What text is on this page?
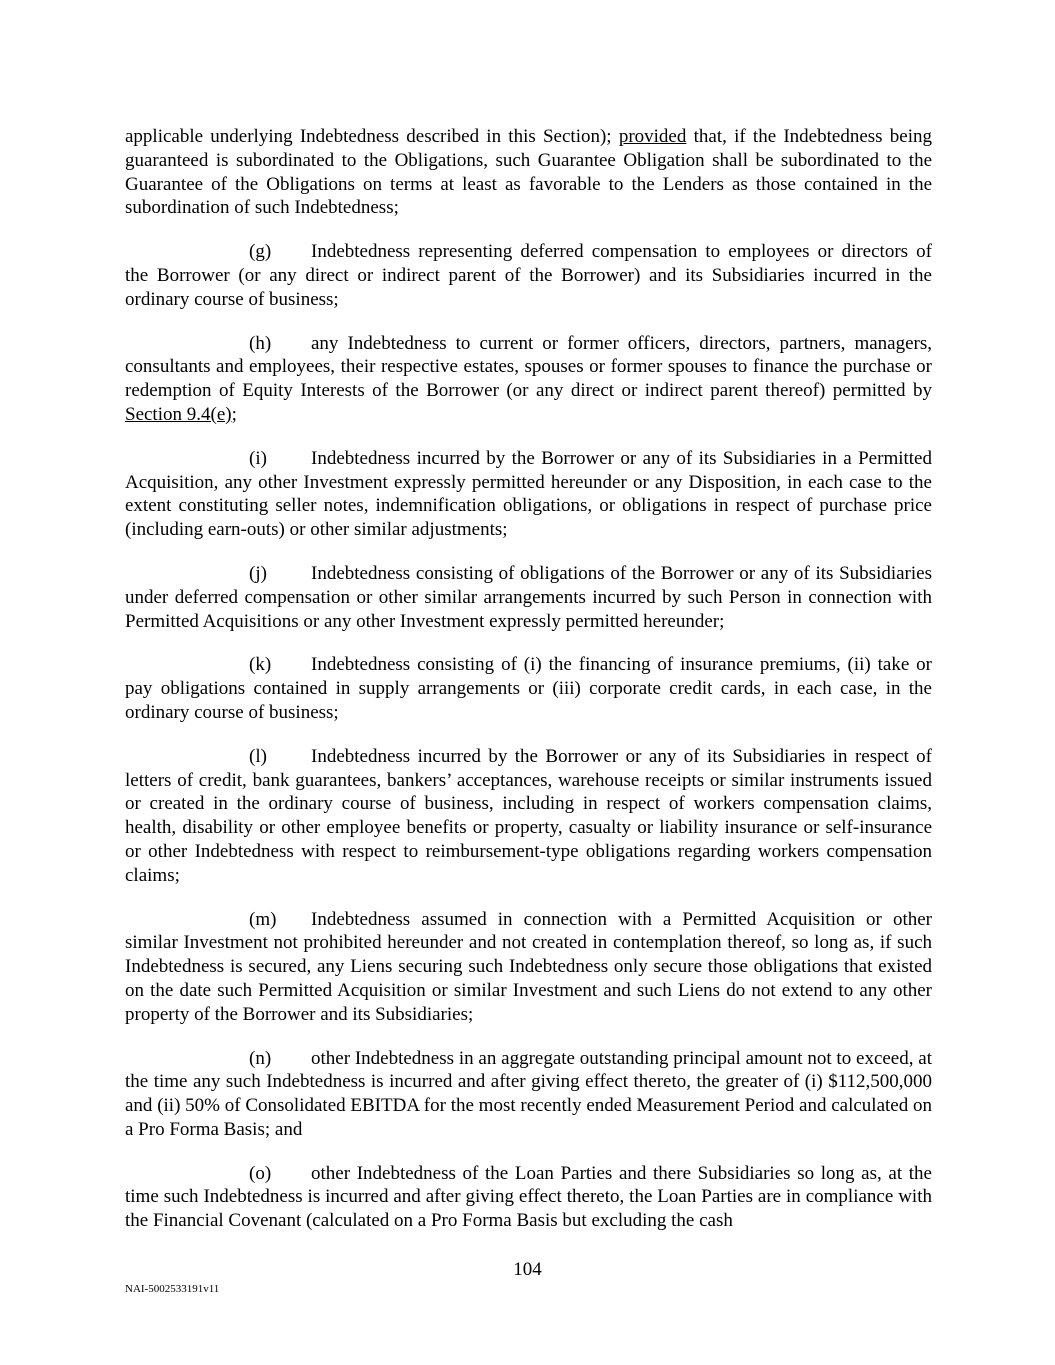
applicable underlying Indebtedness described in this Section); provided that, if the Indebtedness being guaranteed is subordinated to the Obligations, such Guarantee Obligation shall be subordinated to the Guarantee of the Obligations on terms at least as favorable to the Lenders as those contained in the subordination of such Indebtedness;

(g) Indebtedness representing deferred compensation to employees or directors of the Borrower (or any direct or indirect parent of the Borrower) and its Subsidiaries incurred in the ordinary course of business;

(h) any Indebtedness to current or former officers, directors, partners, managers, consultants and employees, their respective estates, spouses or former spouses to finance the purchase or redemption of Equity Interests of the Borrower (or any direct or indirect parent thereof) permitted by Section 9.4(e);

(i) Indebtedness incurred by the Borrower or any of its Subsidiaries in a Permitted Acquisition, any other Investment expressly permitted hereunder or any Disposition, in each case to the extent constituting seller notes, indemnification obligations, or obligations in respect of purchase price (including earn-outs) or other similar adjustments;

(j) Indebtedness consisting of obligations of the Borrower or any of its Subsidiaries under deferred compensation or other similar arrangements incurred by such Person in connection with Permitted Acquisitions or any other Investment expressly permitted hereunder;

(k) Indebtedness consisting of (i) the financing of insurance premiums, (ii) take or pay obligations contained in supply arrangements or (iii) corporate credit cards, in each case, in the ordinary course of business;

(l) Indebtedness incurred by the Borrower or any of its Subsidiaries in respect of letters of credit, bank guarantees, bankers’ acceptances, warehouse receipts or similar instruments issued or created in the ordinary course of business, including in respect of workers compensation claims, health, disability or other employee benefits or property, casualty or liability insurance or self-insurance or other Indebtedness with respect to reimbursement-type obligations regarding workers compensation claims;

(m) Indebtedness assumed in connection with a Permitted Acquisition or other similar Investment not prohibited hereunder and not created in contemplation thereof, so long as, if such Indebtedness is secured, any Liens securing such Indebtedness only secure those obligations that existed on the date such Permitted Acquisition or similar Investment and such Liens do not extend to any other property of the Borrower and its Subsidiaries;

(n) other Indebtedness in an aggregate outstanding principal amount not to exceed, at the time any such Indebtedness is incurred and after giving effect thereto, the greater of (i) $112,500,000 and (ii) 50% of Consolidated EBITDA for the most recently ended Measurement Period and calculated on a Pro Forma Basis; and

(o) other Indebtedness of the Loan Parties and there Subsidiaries so long as, at the time such Indebtedness is incurred and after giving effect thereto, the Loan Parties are in compliance with the Financial Covenant (calculated on a Pro Forma Basis but excluding the cash

104
NAI-5002533191v11
